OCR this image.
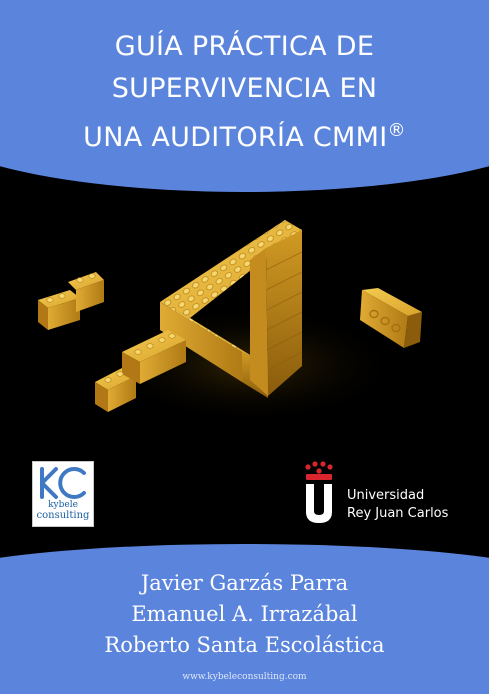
GUÍA PRÁCTICA DE
SUPERVIVENCIA EN
UNA AUDITORÍA CMMI®
kybele
consulting
Universidad
Rey Juan Carlos
Javier Garzás Parra
Emanuel A. Irrazábal
Roberto Santa Escolástica
www.kybeleconsulting.com
